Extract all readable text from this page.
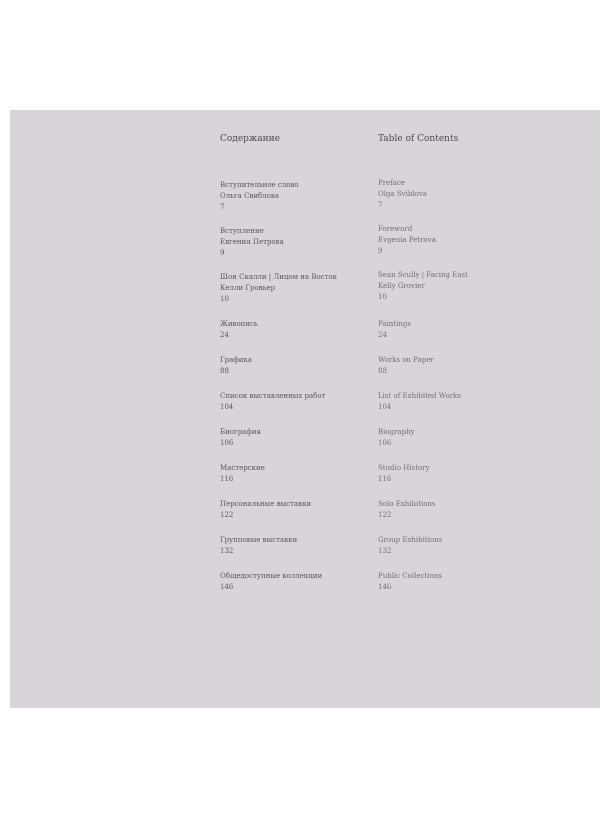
Содержание
Вступительное слово
Ольга Свиблова
7
Вступление
Евгения Петрова
9
Шон Скалли | Лицом на Восток
Келли Гровьер
10
Живопись
24
Графика
88
Список выставленных работ
104
Биография
106
Мастерские
116
Персональные выставки
122
Групповые выставки
132
Общедоступные коллекции
146
Table of Contents
Preface
Olga Sviblova
7
Foreword
Evgenia Petrova
9
Sean Scully | Facing East
Kelly Grovier
10
Paintings
24
Works on Paper
88
List of Exhibited Works
104
Biography
106
Studio History
116
Solo Exhibitions
122
Group Exhibitions
132
Public Collections
146
